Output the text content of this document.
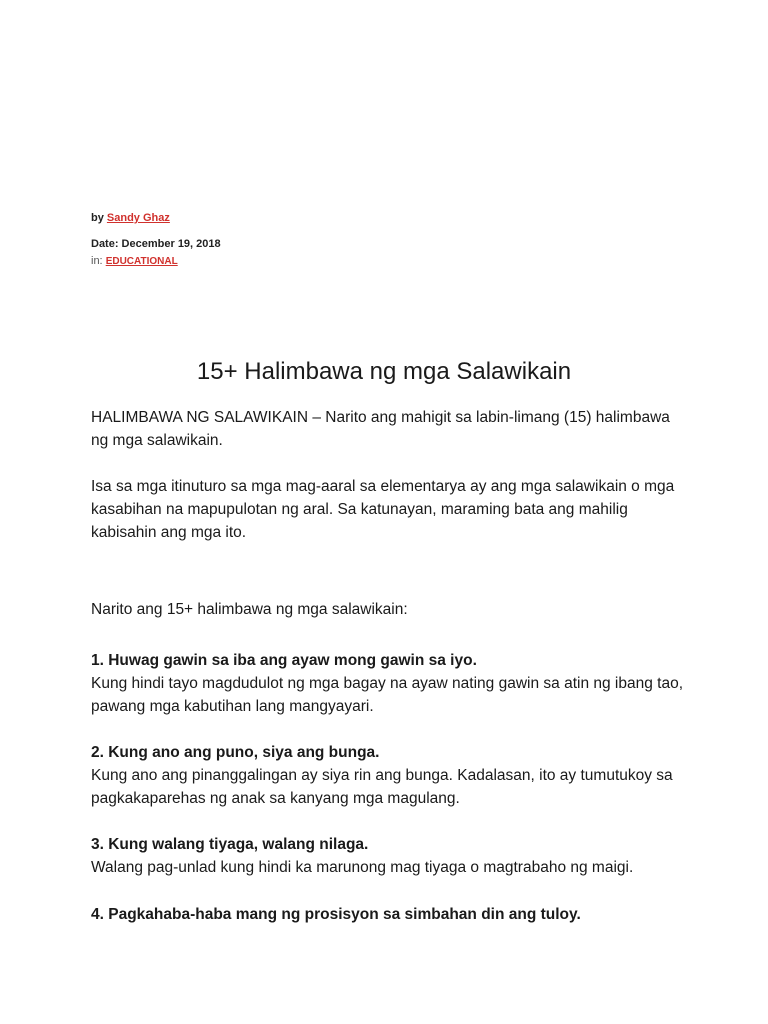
by Sandy Ghaz
Date: December 19, 2018
in: EDUCATIONAL
15+ Halimbawa ng mga Salawikain

HALIMBAWA NG SALAWIKAIN – Narito ang mahigit sa labin-limang (15) halimbawa ng mga salawikain.

Isa sa mga itinuturo sa mga mag-aaral sa elementarya ay ang mga salawikain o mga kasabihan na mapupulotan ng aral. Sa katunayan, maraming bata ang mahilig kabisahin ang mga ito.

Narito ang 15+ halimbawa ng mga salawikain:

1. Huwag gawin sa iba ang ayaw mong gawin sa iyo.
Kung hindi tayo magdudulot ng mga bagay na ayaw nating gawin sa atin ng ibang tao, pawang mga kabutihan lang mangyayari.
2. Kung ano ang puno, siya ang bunga.
Kung ano ang pinanggalingan ay siya rin ang bunga. Kadalasan, ito ay tumutukoy sa pagkakaparehas ng anak sa kanyang mga magulang.
3. Kung walang tiyaga, walang nilaga.
Walang pag-unlad kung hindi ka marunong mag tiyaga o magtrabaho ng maigi.
4. Pagkahaba-haba mang ng prosisyon sa simbahan din ang tuloy.
